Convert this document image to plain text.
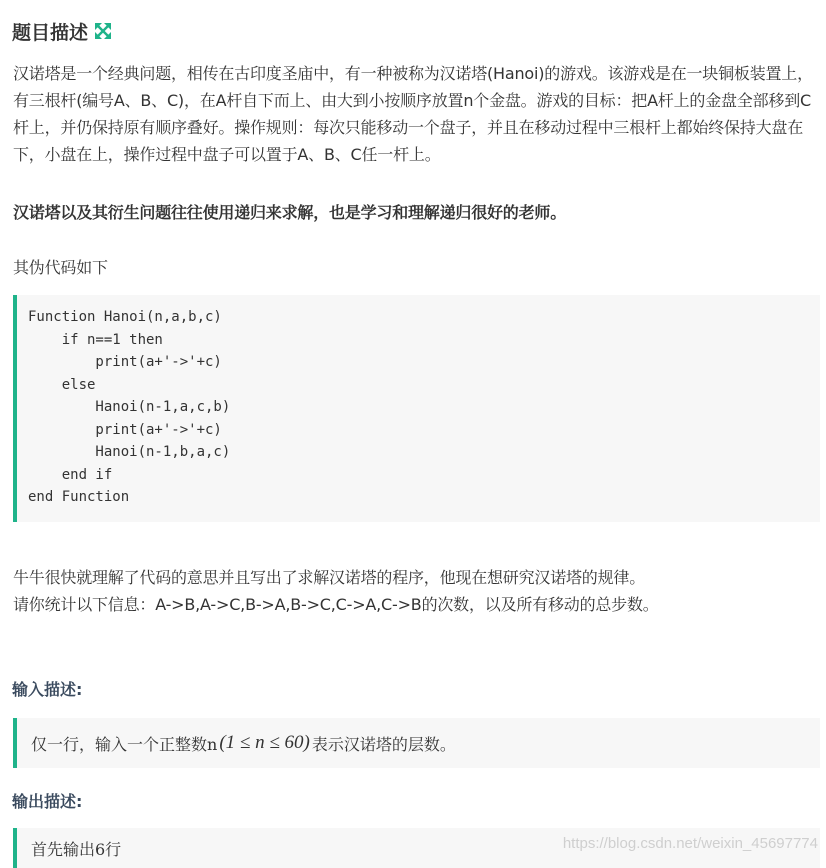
题目描述
汉诺塔是一个经典问题，相传在古印度圣庙中，有一种被称为汉诺塔(Hanoi)的游戏。该游戏是在一块铜板装置上，有三根杆(编号A、B、C)，在A杆自下而上、由大到小按顺序放置n个金盘。游戏的目标：把A杆上的金盘全部移到C杆上，并仍保持原有顺序叠好。操作规则：每次只能移动一个盘子，并且在移动过程中三根杆上都始终保持大盘在下，小盘在上，操作过程中盘子可以置于A、B、C任一杆上。
汉诺塔以及其衍生问题往往使用递归来求解，也是学习和理解递归很好的老师。
其伪代码如下
Function Hanoi(n,a,b,c)
if n==1 then
print(a+'->'+c)
else
Hanoi(n-1,a,c,b)
print(a+'->'+c)
Hanoi(n-1,b,a,c)
end if
end Function
牛牛很快就理解了代码的意思并且写出了求解汉诺塔的程序，他现在想研究汉诺塔的规律。
请你统计以下信息：A->B,A->C,B->A,B->C,C->A,C->B的次数，以及所有移动的总步数。
输入描述:
仅一行，输入一个正整数n (1 ≤ n ≤ 60) 表示汉诺塔的层数。
输出描述:
首先输出6行	https://blog.csdn.net/weixin_45697774
